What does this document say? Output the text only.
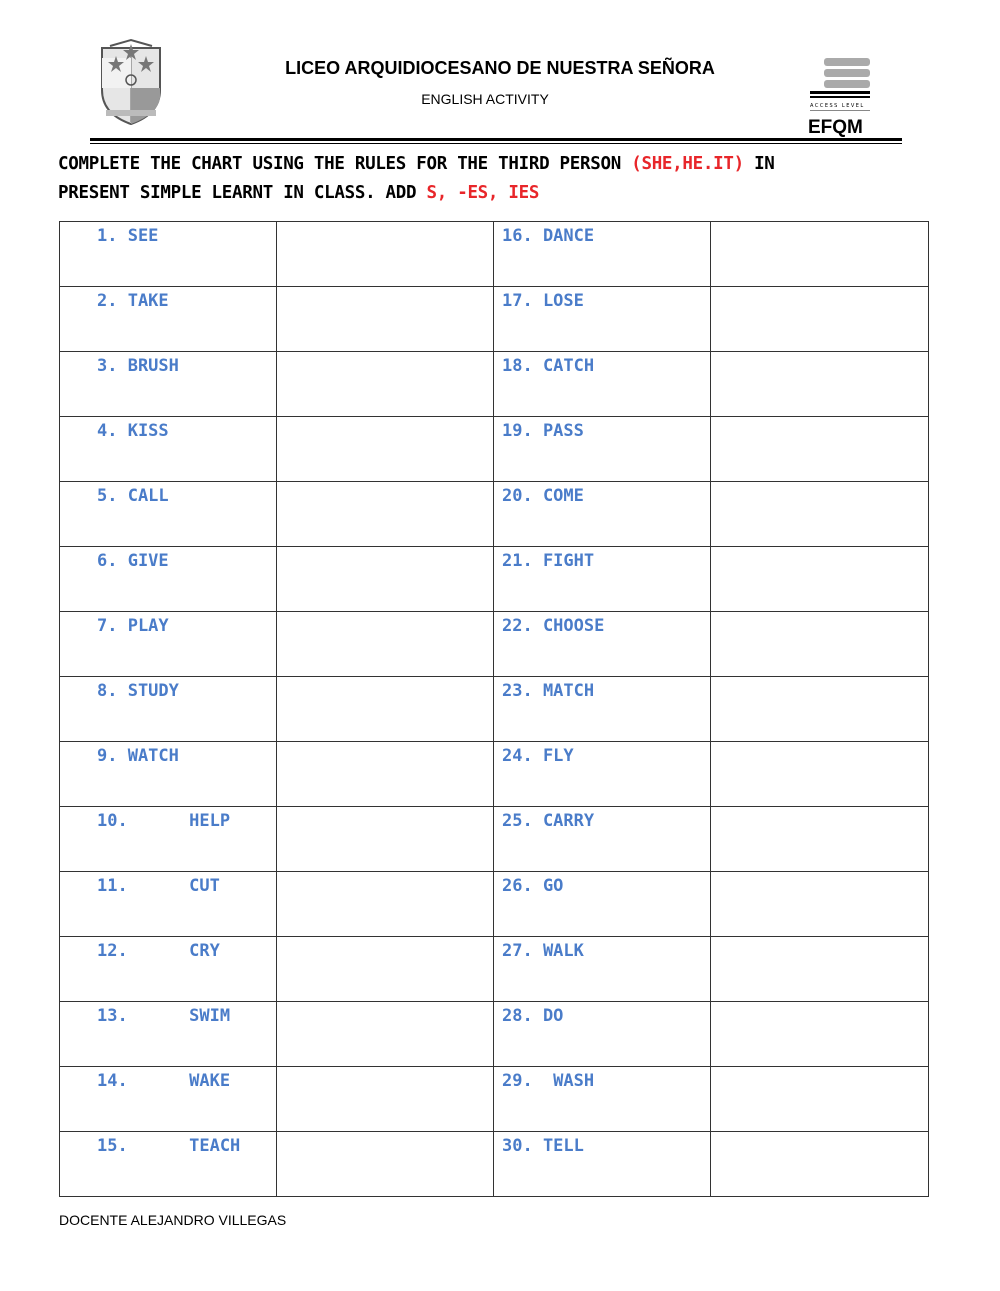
LICEO ARQUIDIOCESANO DE NUESTRA SEÑORA
ENGLISH ACTIVITY	ACCESS LEVEL
EFQM
COMPLETE THE CHART USING THE RULES FOR THE THIRD PERSON (SHE,HE.IT) IN
PRESENT SIMPLE LEARNT IN CLASS. ADD S, -ES, IES
1. SEE		16. DANCE	

2. TAKE		17. LOSE	

3. BRUSH		18. CATCH	

4. KISS		19. PASS	

5. CALL		20. COME	

6. GIVE		21. FIGHT	

7. PLAY		22. CHOOSE	

8. STUDY		23. MATCH	

9. WATCH		24. FLY	

10.      HELP		25. CARRY	

11.      CUT		26. GO	

12.      CRY		27. WALK	

13.      SWIM		28. DO	

14.      WAKE		29.  WASH	

15.      TEACH		30. TELL	

DOCENTE ALEJANDRO VILLEGAS
